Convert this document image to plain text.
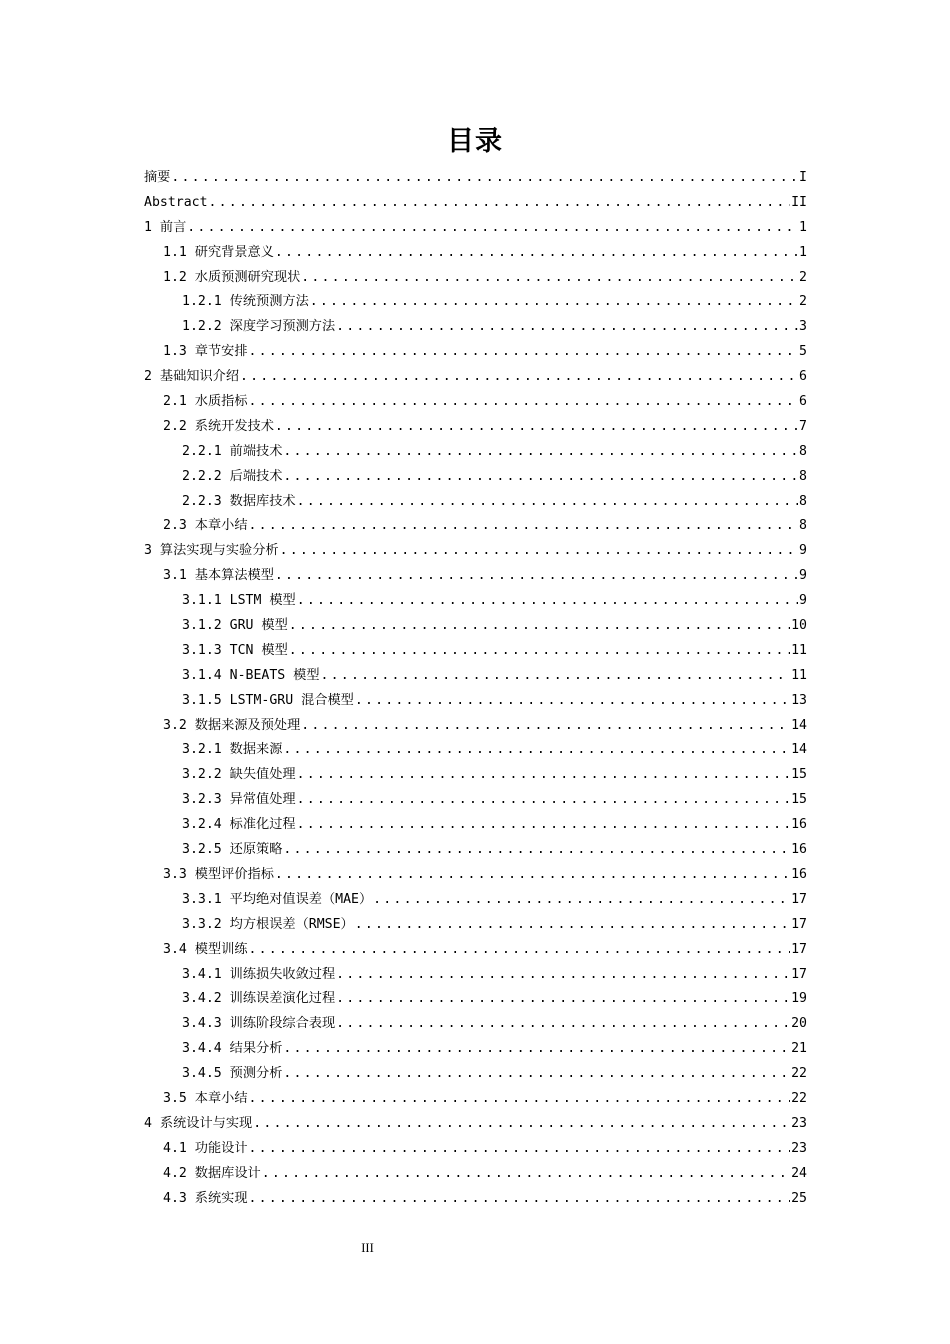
目录
摘要 .....	I
Abstract .....	II
1 前言 .....	1
1.1 研究背景意义 .....	1
1.2 水质预测研究现状 .....	2
1.2.1 传统预测方法 .....	2
1.2.2 深度学习预测方法 .....	3
1.3 章节安排 .....	5
2 基础知识介绍 .....	6
2.1 水质指标 .....	6
2.2 系统开发技术 .....	7
2.2.1 前端技术 .....	8
2.2.2 后端技术 .....	8
2.2.3 数据库技术 .....	8
2.3 本章小结 .....	8
3 算法实现与实验分析 .....	9
3.1 基本算法模型 .....	9
3.1.1 LSTM 模型 .....	9
3.1.2 GRU 模型 .....	10
3.1.3 TCN 模型 .....	11
3.1.4 N-BEATS 模型 .....	11
3.1.5 LSTM-GRU 混合模型 .....	13
3.2 数据来源及预处理 .....	14
3.2.1 数据来源 .....	14
3.2.2 缺失值处理 .....	15
3.2.3 异常值处理 .....	15
3.2.4 标准化过程 .....	16
3.2.5 还原策略 .....	16
3.3 模型评价指标 .....	16
3.3.1 平均绝对值误差（MAE） .....	17
3.3.2 均方根误差（RMSE） .....	17
3.4 模型训练 .....	17
3.4.1 训练损失收敛过程 .....	17
3.4.2 训练误差演化过程 .....	19
3.4.3 训练阶段综合表现 .....	20
3.4.4 结果分析 .....	21
3.4.5 预测分析 .....	22
3.5 本章小结 .....	22
4 系统设计与实现 .....	23
4.1 功能设计 .....	23
4.2 数据库设计 .....	24
4.3 系统实现 .....	25
III
